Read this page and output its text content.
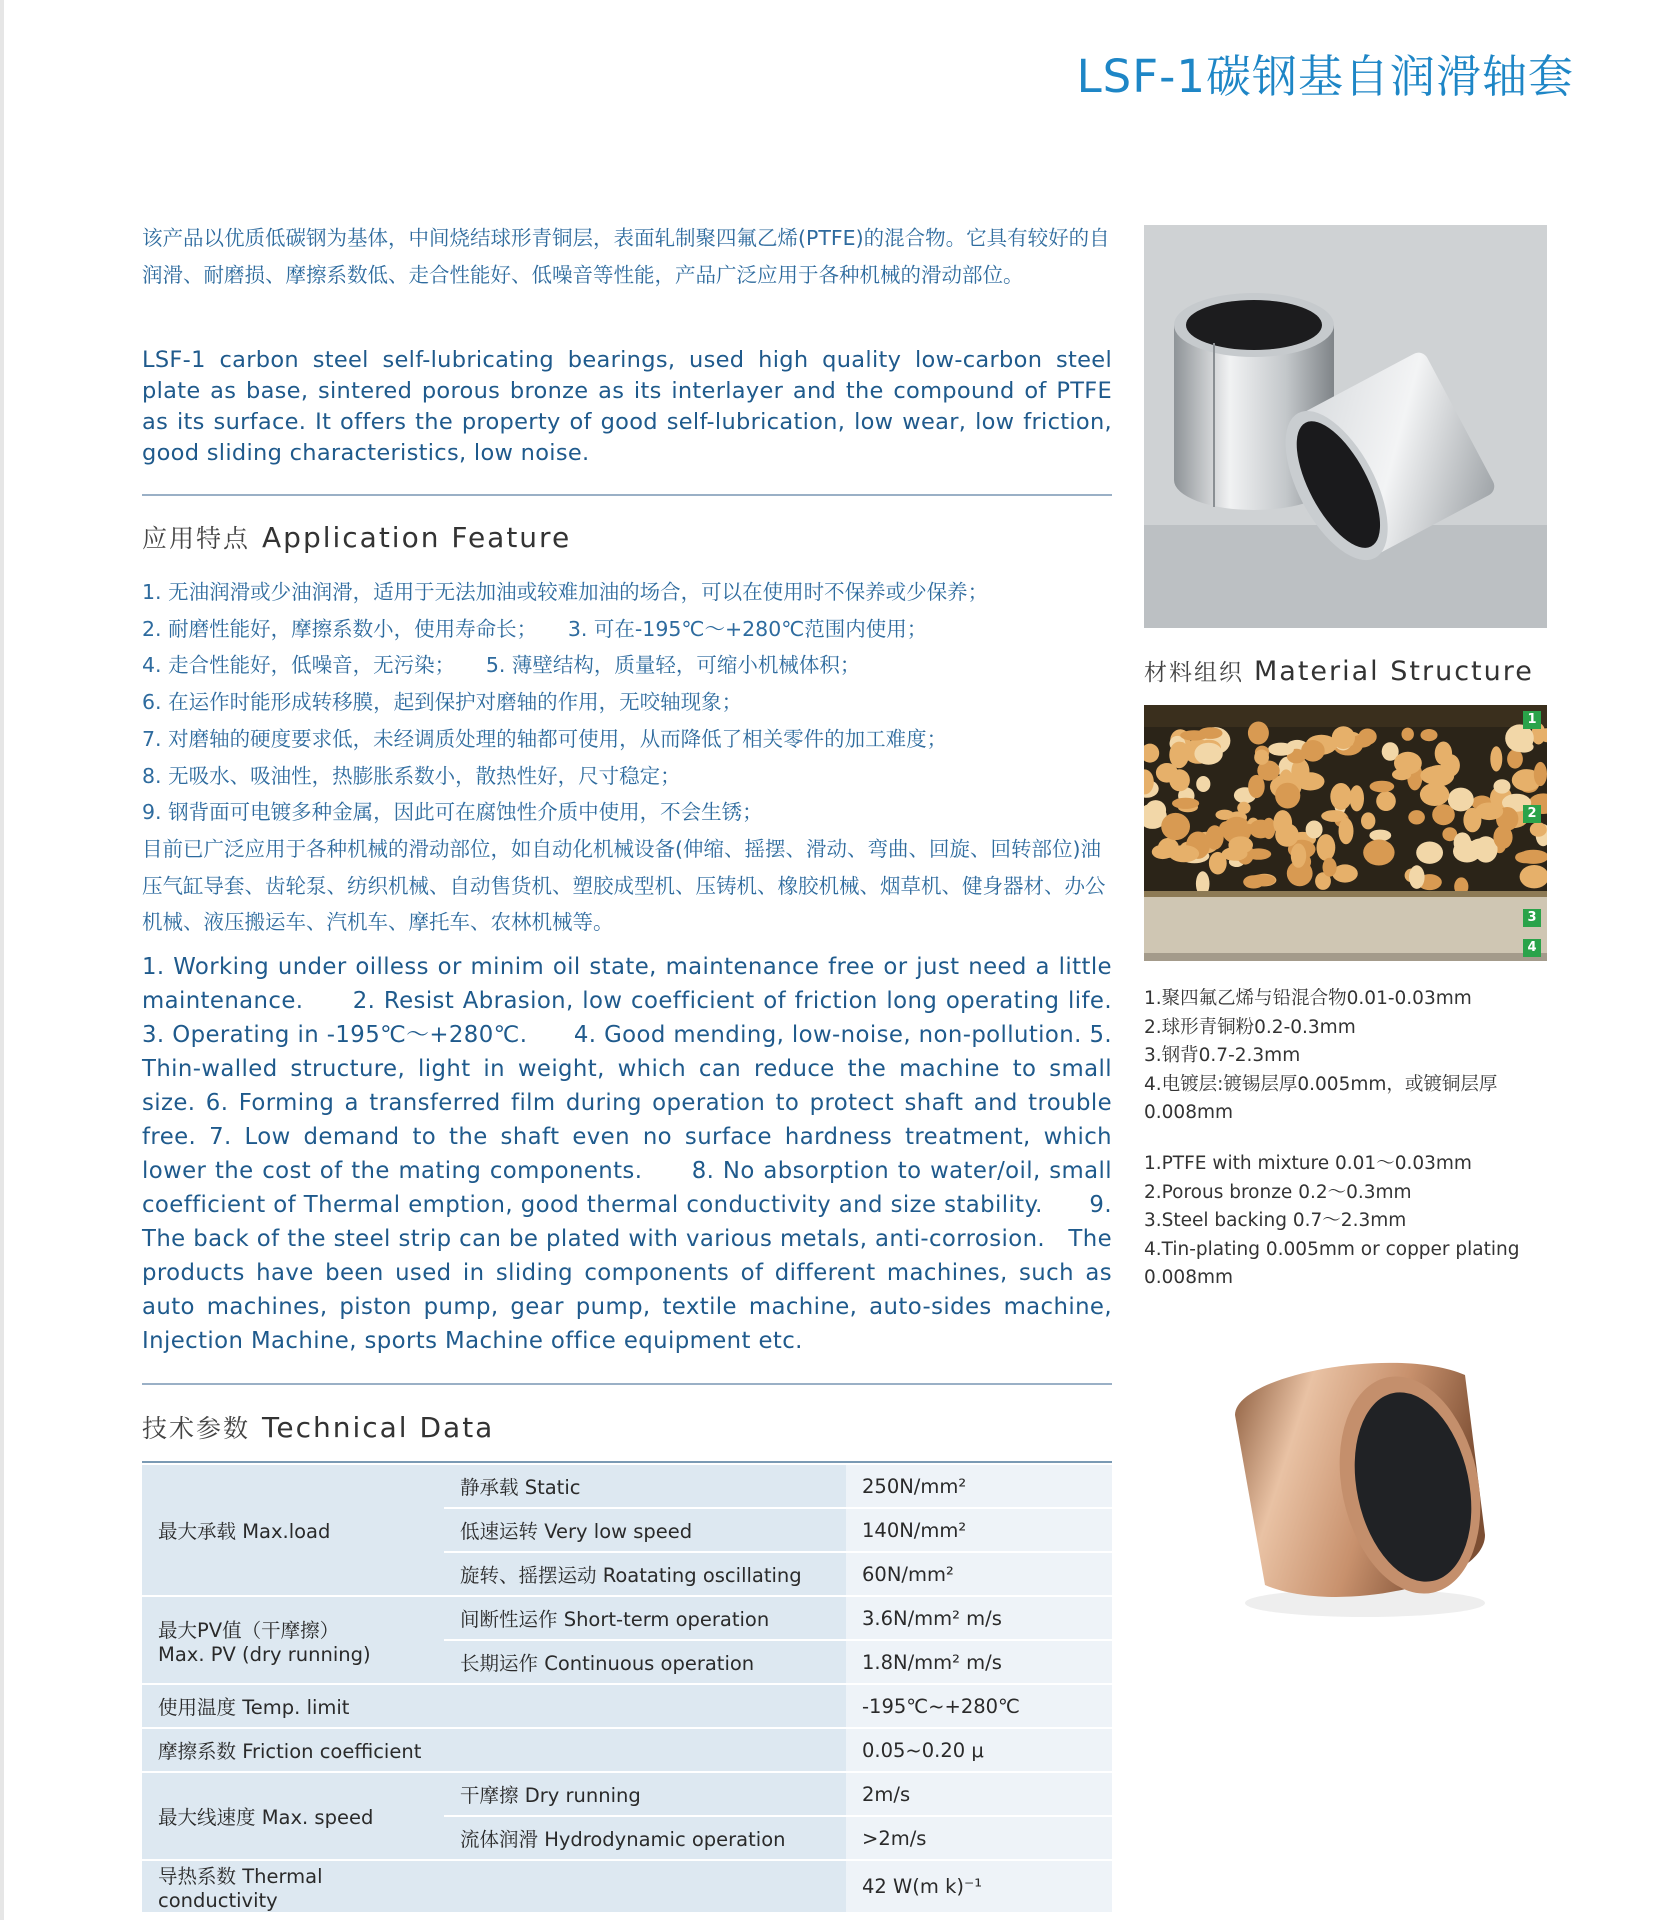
LSF-1碳钢基自润滑轴套
该产品以优质低碳钢为基体，中间烧结球形青铜层，表面轧制聚四氟乙烯(PTFE)的混合物。它具有较好的自润滑、耐磨损、摩擦系数低、走合性能好、低噪音等性能，产品广泛应用于各种机械的滑动部位。
LSF-1 carbon steel self-lubricating bearings, used high quality low-carbon steel plate as base, sintered porous bronze as its interlayer and the compound of PTFE as its surface. It offers the property of good self-lubrication, low wear, low friction, good sliding characteristics, low noise.
应用特点 Application Feature
1. 无油润滑或少油润滑，适用于无法加油或较难加油的场合，可以在使用时不保养或少保养；
2. 耐磨性能好，摩擦系数小，使用寿命长；　　3. 可在-195℃～+280℃范围内使用；
4. 走合性能好，低噪音，无污染；　　5. 薄壁结构，质量轻，可缩小机械体积；
6. 在运作时能形成转移膜，起到保护对磨轴的作用，无咬轴现象；
7. 对磨轴的硬度要求低，未经调质处理的轴都可使用，从而降低了相关零件的加工难度；
8. 无吸水、吸油性，热膨胀系数小，散热性好，尺寸稳定；
9. 钢背面可电镀多种金属，因此可在腐蚀性介质中使用，不会生锈；
目前已广泛应用于各种机械的滑动部位，如自动化机械设备(伸缩、摇摆、滑动、弯曲、回旋、回转部位)油压气缸导套、齿轮泵、纺织机械、自动售货机、塑胶成型机、压铸机、橡胶机械、烟草机、健身器材、办公机械、液压搬运车、汽机车、摩托车、农林机械等。
1. Working under oilless or minim oil state, maintenance free or just need a little maintenance.　　2. Resist Abrasion, low coefficient of friction long operating life. 3. Operating in -195℃～+280℃.　　4. Good mending, low-noise, non-pollution. 5. Thin-walled structure, light in weight, which can reduce the machine to small size. 6. Forming a transferred film during operation to protect shaft and trouble free. 7. Low demand to the shaft even no surface hardness treatment, which lower the cost of the mating components.　　8. No absorption to water/oil, small coefficient of Thermal emption, good thermal conductivity and size stability.　　9. The back of the steel strip can be plated with various metals, anti-corrosion.　The products have been used in sliding components of different machines, such as auto machines, piston pump, gear pump, textile machine, auto-sides machine, Injection Machine, sports Machine office equipment etc.
技术参数 Technical Data
最大承载 Max.load	静承载 Static	250N/mm²
	低速运转 Very low speed	140N/mm²
	旋转、摇摆运动 Roatating oscillating	60N/mm²

最大PV值（干摩擦）
Max. PV (dry running)	间断性运作 Short-term operation	3.6N/mm² m/s
	长期运作 Continuous operation	1.8N/mm² m/s
使用温度 Temp. limit		-195℃~+280℃
摩擦系数 Friction coefficient		0.05~0.20 μ
最大线速度 Max. speed	干摩擦 Dry running	2m/s
	流体润滑 Hydrodynamic operation	>2m/s
导热系数 Thermal conductivity		42 W(m k)⁻¹
材料组织 Material Structure
1
2
3
4
1.聚四氟乙烯与铅混合物0.01-0.03mm
2.球形青铜粉0.2-0.3mm
3.钢背0.7-2.3mm
4.电镀层:镀锡层厚0.005mm，或镀铜层厚0.008mm
1.PTFE with mixture 0.01～0.03mm
2.Porous bronze 0.2～0.3mm
3.Steel backing 0.7～2.3mm
4.Tin-plating 0.005mm or copper plating 0.008mm
